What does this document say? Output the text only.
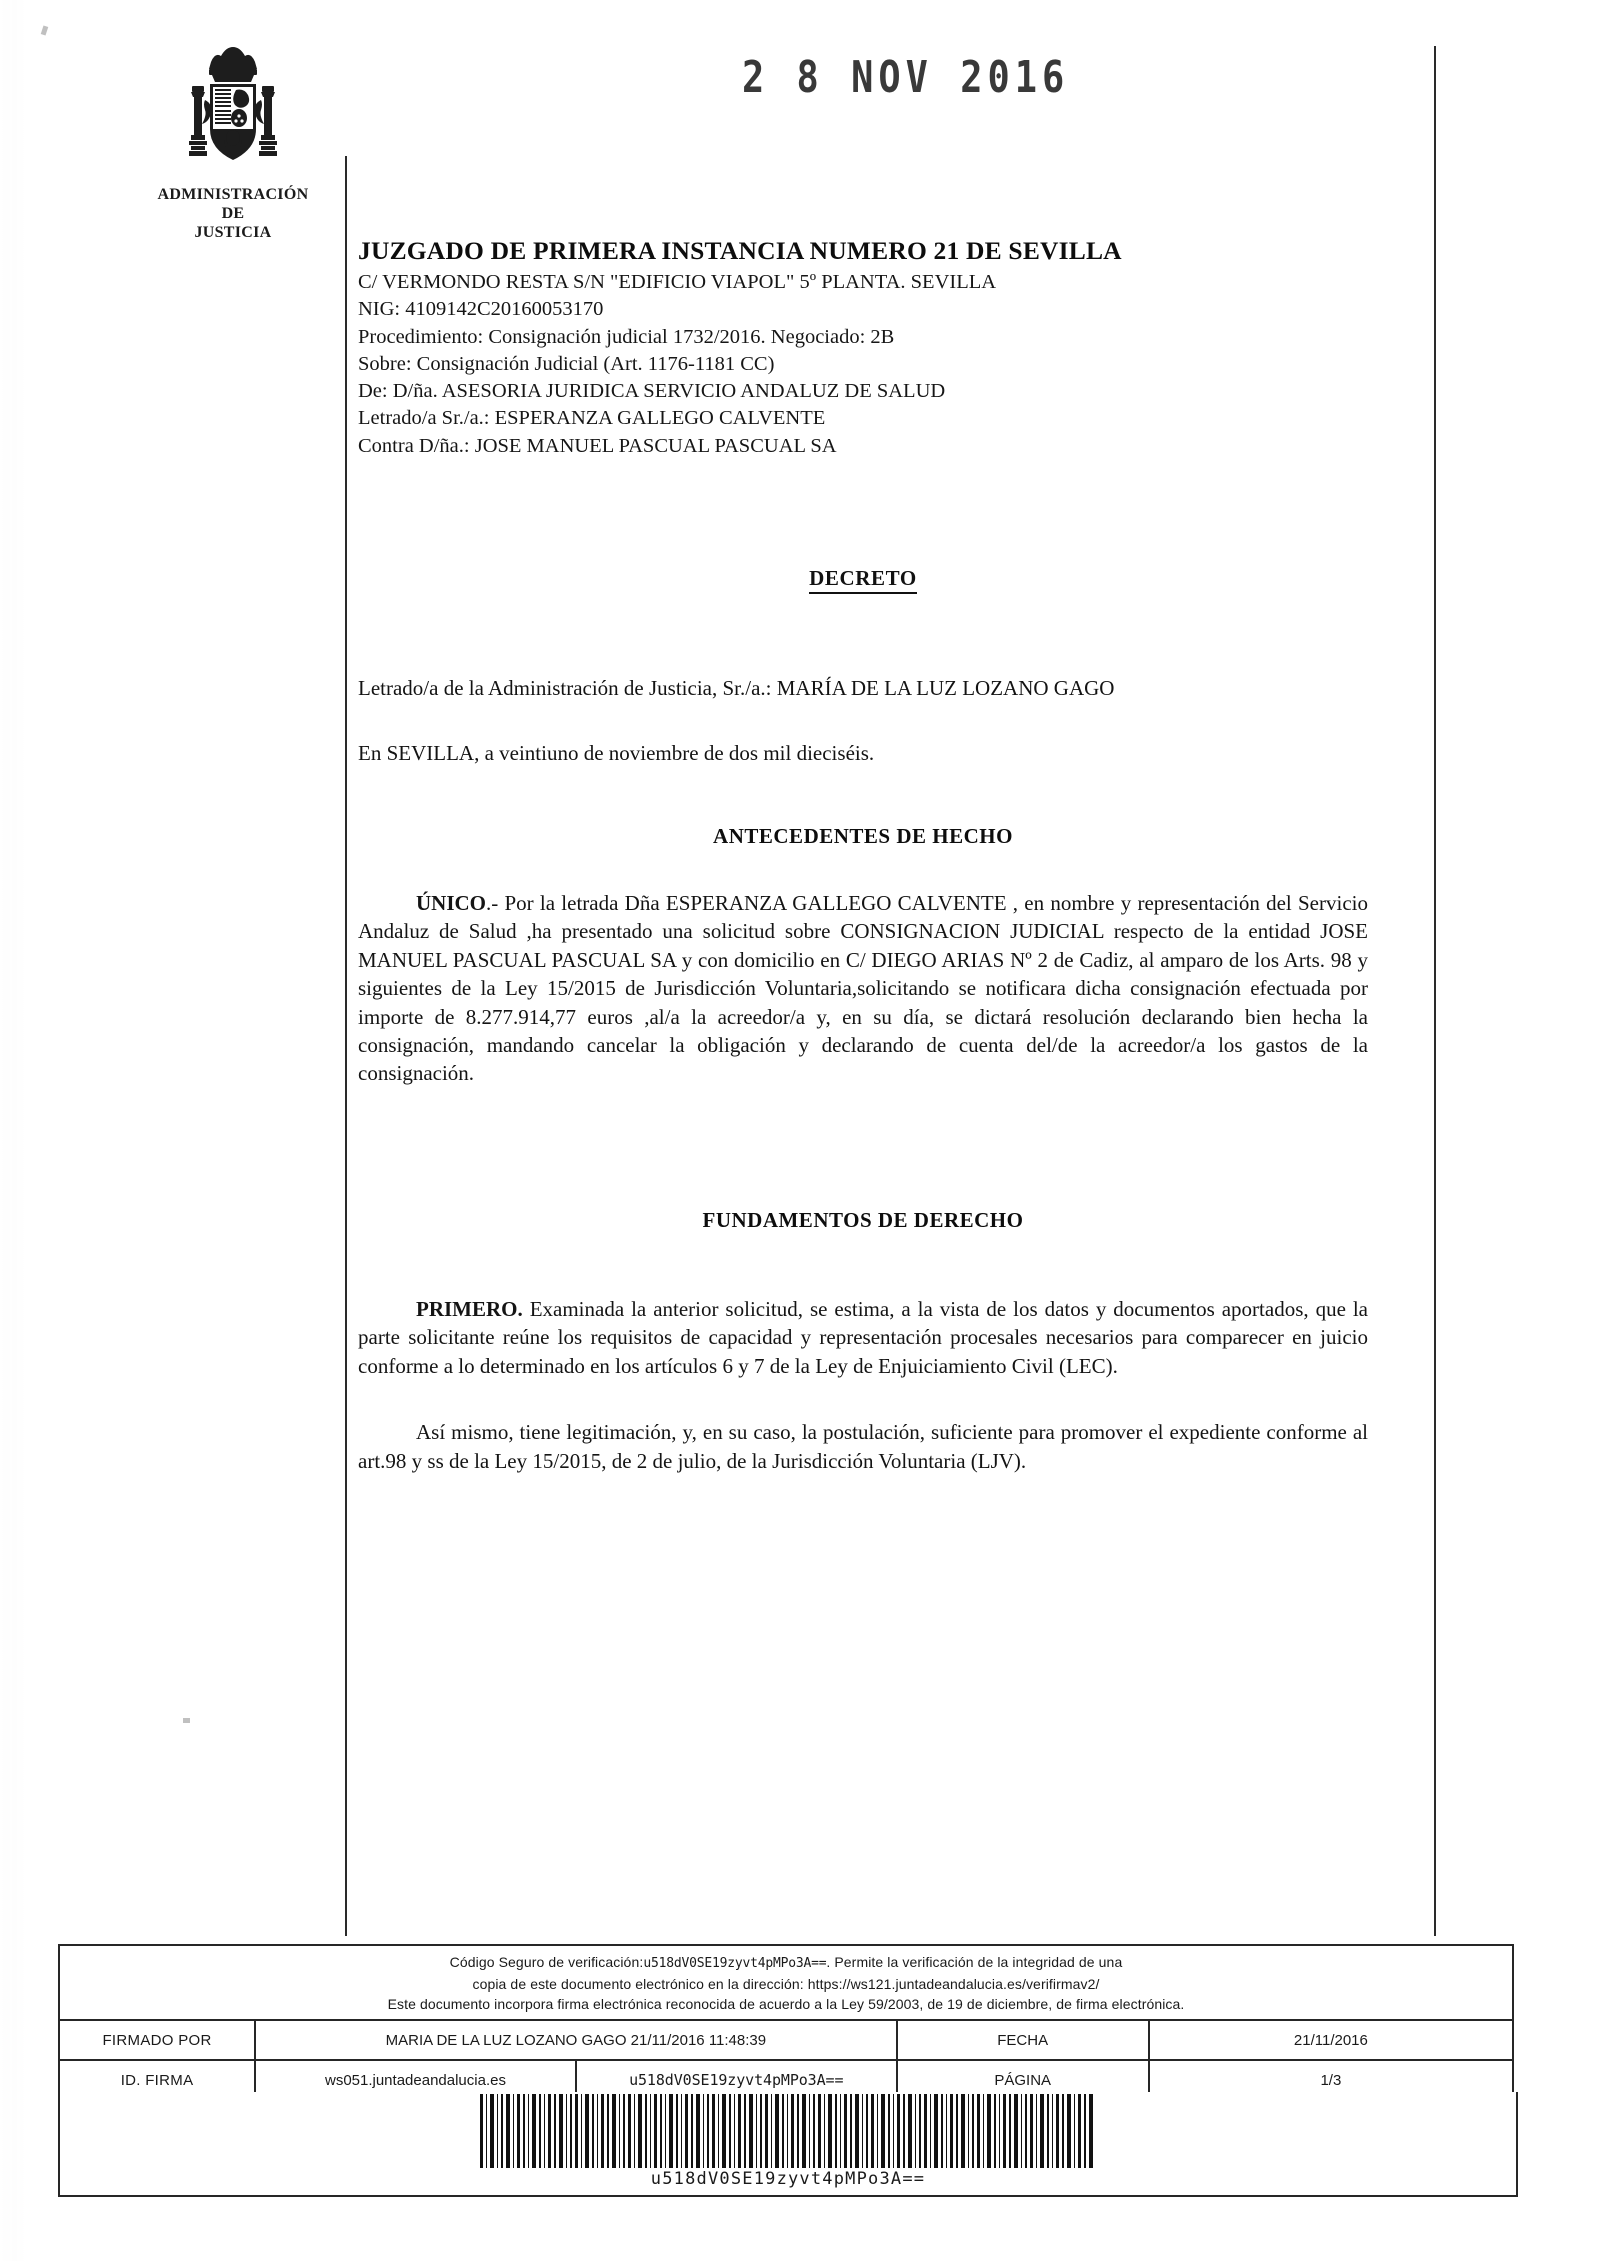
ADMINISTRACIÓN
DE
JUSTICIA
2 8 NOV 2016
JUZGADO DE PRIMERA INSTANCIA NUMERO 21 DE SEVILLA
C/ VERMONDO RESTA S/N "EDIFICIO VIAPOL" 5º PLANTA. SEVILLA
NIG: 4109142C20160053170
Procedimiento: Consignación judicial 1732/2016. Negociado: 2B
Sobre: Consignación Judicial (Art. 1176-1181 CC)
De: D/ña. ASESORIA JURIDICA SERVICIO ANDALUZ DE SALUD
Letrado/a Sr./a.: ESPERANZA GALLEGO CALVENTE
Contra D/ña.: JOSE MANUEL PASCUAL PASCUAL SA
DECRETO
Letrado/a de la Administración de Justicia, Sr./a.: MARÍA DE LA LUZ LOZANO GAGO
En SEVILLA, a veintiuno de noviembre de dos mil dieciséis.
ANTECEDENTES DE HECHO

ÚNICO.- Por la letrada Dña ESPERANZA GALLEGO CALVENTE , en nombre y representación del Servicio Andaluz de Salud ,ha presentado una solicitud sobre CONSIGNACION JUDICIAL respecto de la entidad JOSE MANUEL PASCUAL PASCUAL SA y con domicilio en C/ DIEGO ARIAS Nº 2 de Cadiz, al amparo de los Arts. 98 y siguientes de la Ley 15/2015 de Jurisdicción Voluntaria,solicitando se notificara dicha consignación efectuada por importe de 8.277.914,77 euros ,al/a la acreedor/a y, en su día, se dictará resolución declarando bien hecha la consignación, mandando cancelar la obligación y declarando de cuenta del/de la acreedor/a los gastos de la consignación.

FUNDAMENTOS DE DERECHO

PRIMERO. Examinada la anterior solicitud, se estima, a la vista de los datos y documentos aportados, que la parte solicitante reúne los requisitos de capacidad y representación procesales necesarios para comparecer en juicio conforme a lo determinado en los artículos 6 y 7 de la Ley de Enjuiciamiento Civil (LEC).

Así mismo, tiene legitimación, y, en su caso, la postulación, suficiente para promover el expediente conforme al art.98 y ss de la Ley 15/2015, de 2 de julio, de la Jurisdicción Voluntaria (LJV).

Código Seguro de verificación:u518dV0SE19zyvt4pMPo3A==. Permite la verificación de la integridad de una
copia de este documento electrónico en la dirección: https://ws121.juntadeandalucia.es/verifirmav2/
Este documento incorpora firma electrónica reconocida de acuerdo a la Ley 59/2003, de 19 de diciembre, de firma electrónica.
FIRMADO POR	MARIA DE LA LUZ LOZANO GAGO 21/11/2016 11:48:39		FECHA	21/11/2016
ID. FIRMA	ws051.juntadeandalucia.es	u518dV0SE19zyvt4pMPo3A==	PÁGINA	1/3
u518dV0SE19zyvt4pMPo3A==
